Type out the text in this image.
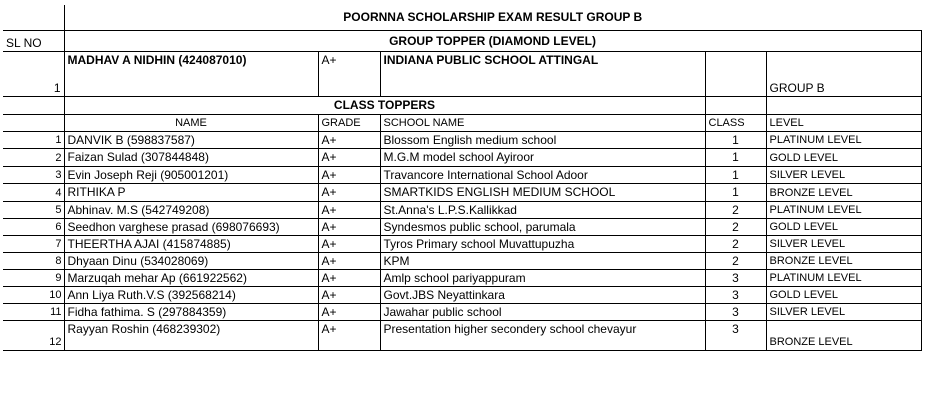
	POORNNA SCHOLARSHIP EXAM RESULT GROUP B				
SL NO	GROUP TOPPER (DIAMOND LEVEL)				
1	MADHAV A NIDHIN (424087010)	A+	INDIANA PUBLIC SCHOOL ATTINGAL		GROUP B
	CLASS TOPPERS				
	NAME	GRADE	SCHOOL NAME	CLASS	LEVEL
1	DANVIK B (598837587)	A+	Blossom English medium school	1	PLATINUM LEVEL
2	Faizan Sulad (307844848)	A+	M.G.M model school Ayiroor	1	GOLD LEVEL
3	Evin Joseph Reji (905001201)	A+	Travancore International School Adoor	1	SILVER LEVEL
4	RITHIKA P	A+	SMARTKIDS ENGLISH MEDIUM SCHOOL	1	BRONZE LEVEL
5	Abhinav. M.S (542749208)	A+	St.Anna's L.P.S.Kallikkad	2	PLATINUM LEVEL
6	Seedhon varghese prasad (698076693)	A+	Syndesmos public school, parumala	2	GOLD LEVEL
7	THEERTHA AJAI (415874885)	A+	Tyros Primary school Muvattupuzha	2	SILVER LEVEL
8	Dhyaan Dinu (534028069)	A+	KPM	2	BRONZE LEVEL
9	Marzuqah mehar Ap (661922562)	A+	Amlp school pariyappuram	3	PLATINUM LEVEL
10	Ann Liya Ruth.V.S (392568214)	A+	Govt.JBS Neyattinkara	3	GOLD LEVEL
11	Fidha fathima. S (297884359)	A+	Jawahar public school	3	SILVER LEVEL
12	Rayyan Roshin (468239302)	A+	Presentation higher secondery school chevayur	3	BRONZE LEVEL
